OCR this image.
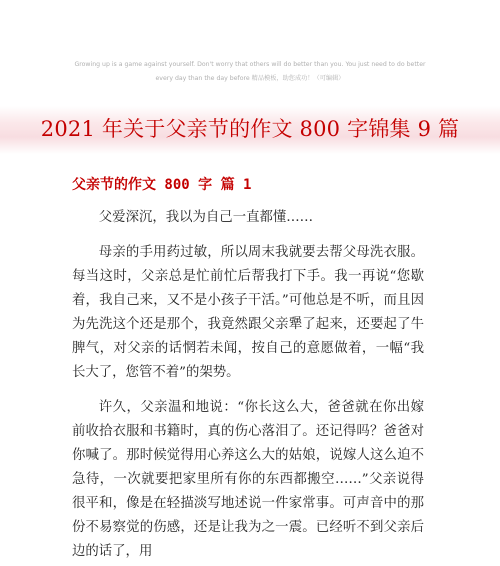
Growing up is a game against yourself. Don't worry that others will do better than you. You just need to do better
every day than the day before 精品模板，助您成功！（可编辑）
2021 年关于父亲节的作文 800 字锦集 9 篇
父亲节的作文 800 字 篇 1

父爱深沉，我以为自己一直都懂……

母亲的手用药过敏，所以周末我就要去帮父母洗衣服。每当这时，父亲总是忙前忙后帮我打下手。我一再说“您歇着，我自己来，又不是小孩子干活。”可他总是不听，而且因为先洗这个还是那个，我竟然跟父亲犟了起来，还要起了牛脾气，对父亲的话惘若未闻，按自己的意愿做着，一幅“我长大了，您管不着”的架势。

许久，父亲温和地说：“你长这么大，爸爸就在你出嫁前收拾衣服和书籍时，真的伤心落泪了。还记得吗？爸爸对你喊了。那时候觉得用心养这么大的姑娘，说嫁人这么迫不急待，一次就要把家里所有你的东西都搬空……”父亲说得很平和，像是在轻描淡写地述说一件家常事。可声音中的那份不易察觉的伤感，还是让我为之一震。已经听不到父亲后边的话了，用
